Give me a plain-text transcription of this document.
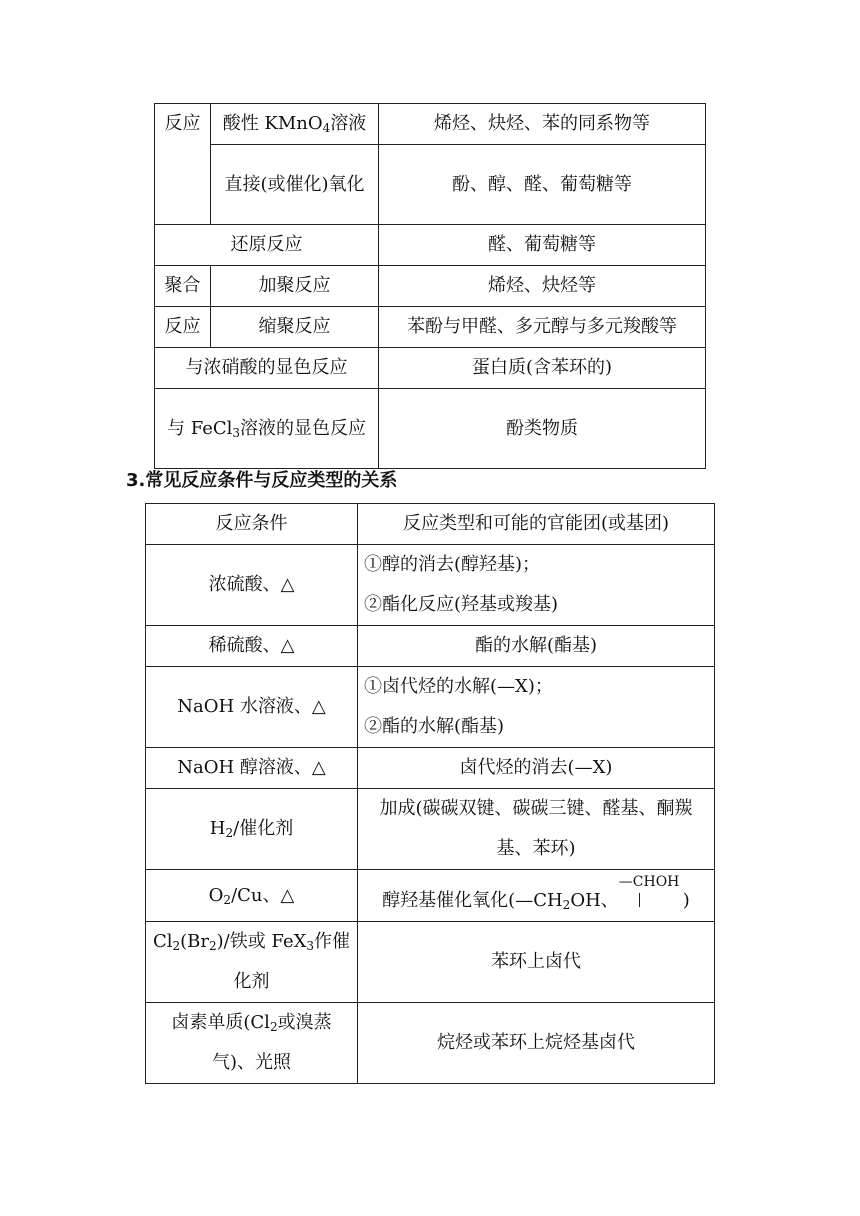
反应	酸性 KMnO$_4$溶液	烯烃、炔烃、苯的同系物等
	直接(或催化)氧化	酚、醇、醛、葡萄糖等
还原反应		醛、葡萄糖等
聚合	加聚反应	烯烃、炔烃等
反应	缩聚反应	苯酚与甲醛、多元醇与多元羧酸等
与浓硝酸的显色反应		蛋白质(含苯环的)
与 FeCl$_3$溶液的显色反应		酚类物质
3.常见反应条件与反应类型的关系
反应条件	反应类型和可能的官能团(或基团)
浓硫酸、△	①醇的消去(醇羟基)；
②酯化反应(羟基或羧基)

稀硫酸、△	酯的水解(酯基)
NaOH 水溶液、△	①卤代烃的水解(—X)；
②酯的水解(酯基)

NaOH 醇溶液、△	卤代烃的消去(—X)
$H_2/$催化剂	加成(碳碳双键、碳碳三键、醛基、酮羰基、苯环)
$O_2/Cu$、△	醇羟基催化氧化($—CH_2OH$、
—CHOH
)
$Cl_2(Br_2)/$铁或 FeX$_3$作催化剂	苯环上卤代
卤素单质($Cl_2$或溴蒸气)、光照	烷烃或苯环上烷烃基卤代
